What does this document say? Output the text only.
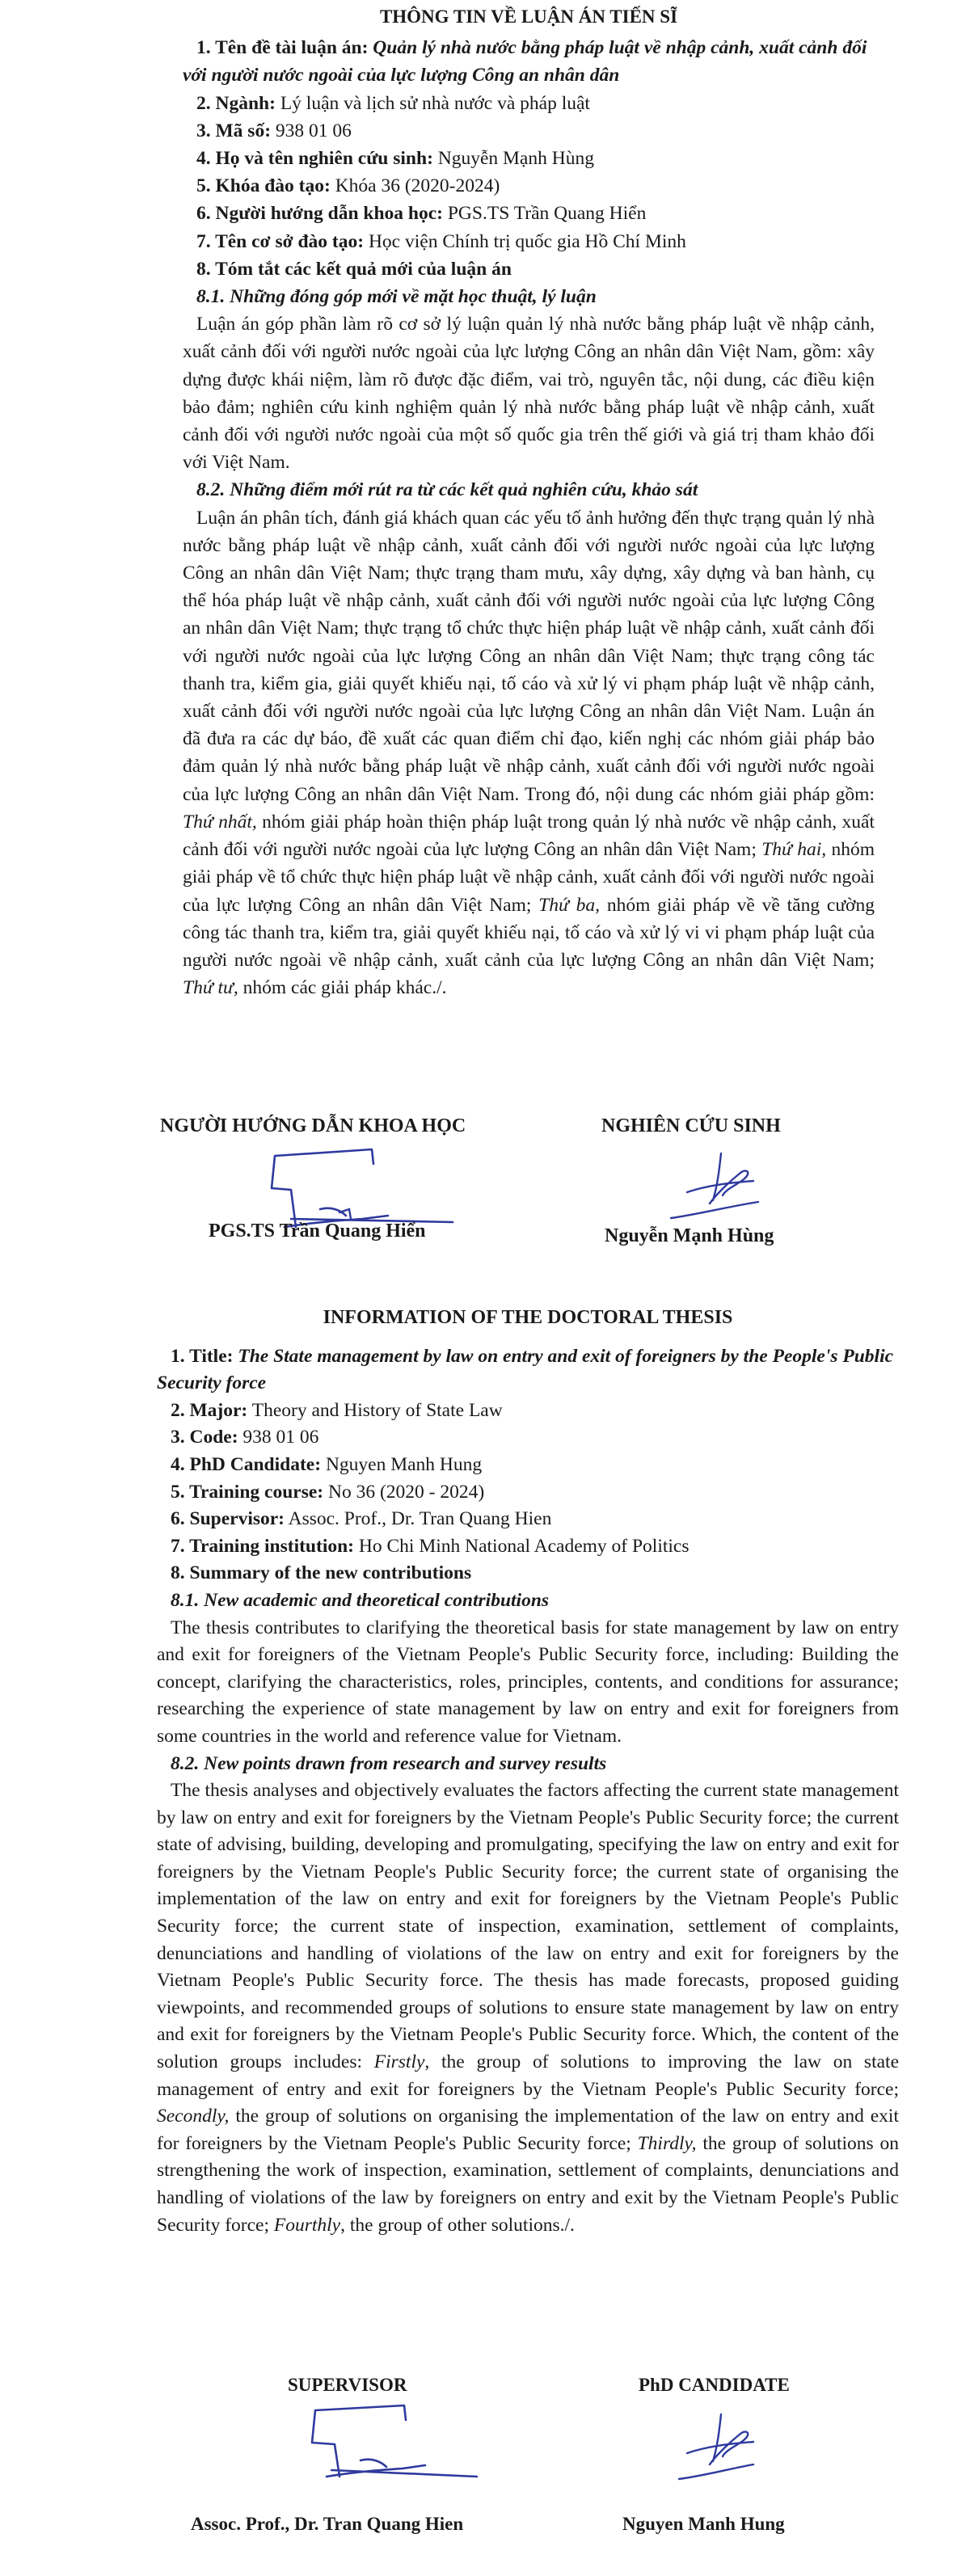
THÔNG TIN VỀ LUẬN ÁN TIẾN SĨ

1. Tên đề tài luận án: Quản lý nhà nước bằng pháp luật về nhập cảnh, xuất cảnh đối với người nước ngoài của lực lượng Công an nhân dân

2. Ngành: Lý luận và lịch sử nhà nước và pháp luật

3. Mã số: 938 01 06

4. Họ và tên nghiên cứu sinh: Nguyễn Mạnh Hùng

5. Khóa đào tạo: Khóa 36 (2020-2024)

6. Người hướng dẫn khoa học: PGS.TS Trần Quang Hiển

7. Tên cơ sở đào tạo: Học viện Chính trị quốc gia Hồ Chí Minh

8. Tóm tắt các kết quả mới của luận án

8.1. Những đóng góp mới về mặt học thuật, lý luận

Luận án góp phần làm rõ cơ sở lý luận quản lý nhà nước bằng pháp luật về nhập cảnh, xuất cảnh đối với người nước ngoài của lực lượng Công an nhân dân Việt Nam, gồm: xây dựng được khái niệm, làm rõ được đặc điểm, vai trò, nguyên tắc, nội dung, các điều kiện bảo đảm; nghiên cứu kinh nghiệm quản lý nhà nước bằng pháp luật về nhập cảnh, xuất cảnh đối với người nước ngoài của một số quốc gia trên thế giới và giá trị tham khảo đối với Việt Nam.

8.2. Những điểm mới rút ra từ các kết quả nghiên cứu, khảo sát

Luận án phân tích, đánh giá khách quan các yếu tố ảnh hưởng đến thực trạng quản lý nhà nước bằng pháp luật về nhập cảnh, xuất cảnh đối với người nước ngoài của lực lượng Công an nhân dân Việt Nam; thực trạng tham mưu, xây dựng, xây dựng và ban hành, cụ thể hóa pháp luật về nhập cảnh, xuất cảnh đối với người nước ngoài của lực lượng Công an nhân dân Việt Nam; thực trạng tổ chức thực hiện pháp luật về nhập cảnh, xuất cảnh đối với người nước ngoài của lực lượng Công an nhân dân Việt Nam; thực trạng công tác thanh tra, kiểm gia, giải quyết khiếu nại, tố cáo và xử lý vi phạm pháp luật về nhập cảnh, xuất cảnh đối với người nước ngoài của lực lượng Công an nhân dân Việt Nam. Luận án đã đưa ra các dự báo, đề xuất các quan điểm chỉ đạo, kiến nghị các nhóm giải pháp bảo đảm quản lý nhà nước bằng pháp luật về nhập cảnh, xuất cảnh đối với người nước ngoài của lực lượng Công an nhân dân Việt Nam. Trong đó, nội dung các nhóm giải pháp gồm: Thứ nhất, nhóm giải pháp hoàn thiện pháp luật trong quản lý nhà nước về nhập cảnh, xuất cảnh đối với người nước ngoài của lực lượng Công an nhân dân Việt Nam; Thứ hai, nhóm giải pháp về tổ chức thực hiện pháp luật về nhập cảnh, xuất cảnh đối với người nước ngoài của lực lượng Công an nhân dân Việt Nam; Thứ ba, nhóm giải pháp về về tăng cường công tác thanh tra, kiểm tra, giải quyết khiếu nại, tố cáo và xử lý vi vi phạm pháp luật của người nước ngoài về nhập cảnh, xuất cảnh của lực lượng Công an nhân dân Việt Nam; Thứ tư, nhóm các giải pháp khác./.

NGƯỜI HƯỚNG DẪN KHOA HỌC	NGHIÊN CỨU SINH
PGS.TS Trần Quang Hiển	Nguyễn Mạnh Hùng

INFORMATION OF THE DOCTORAL THESIS

1. Title: The State management by law on entry and exit of foreigners by the People's Public Security force

2. Major: Theory and History of State Law

3. Code: 938 01 06

4. PhD Candidate: Nguyen Manh Hung

5. Training course: No 36 (2020 - 2024)

6. Supervisor: Assoc. Prof., Dr. Tran Quang Hien

7. Training institution: Ho Chi Minh National Academy of Politics

8. Summary of the new contributions

8.1. New academic and theoretical contributions

The thesis contributes to clarifying the theoretical basis for state management by law on entry and exit for foreigners of the Vietnam People's Public Security force, including: Building the concept, clarifying the characteristics, roles, principles, contents, and conditions for assurance; researching the experience of state management by law on entry and exit for foreigners from some countries in the world and reference value for Vietnam.

8.2. New points drawn from research and survey results

The thesis analyses and objectively evaluates the factors affecting the current state management by law on entry and exit for foreigners by the Vietnam People's Public Security force; the current state of advising, building, developing and promulgating, specifying the law on entry and exit for foreigners by the Vietnam People's Public Security force; the current state of organising the implementation of the law on entry and exit for foreigners by the Vietnam People's Public Security force; the current state of inspection, examination, settlement of complaints, denunciations and handling of violations of the law on entry and exit for foreigners by the Vietnam People's Public Security force. The thesis has made forecasts, proposed guiding viewpoints, and recommended groups of solutions to ensure state management by law on entry and exit for foreigners by the Vietnam People's Public Security force. Which, the content of the solution groups includes: Firstly, the group of solutions to improving the law on state management of entry and exit for foreigners by the Vietnam People's Public Security force; Secondly, the group of solutions on organising the implementation of the law on entry and exit for foreigners by the Vietnam People's Public Security force; Thirdly, the group of solutions on strengthening the work of inspection, examination, settlement of complaints, denunciations and handling of violations of the law by foreigners on entry and exit by the Vietnam People's Public Security force; Fourthly, the group of other solutions./.

SUPERVISOR	PhD CANDIDATE
Assoc. Prof., Dr. Tran Quang Hien	Nguyen Manh Hung
